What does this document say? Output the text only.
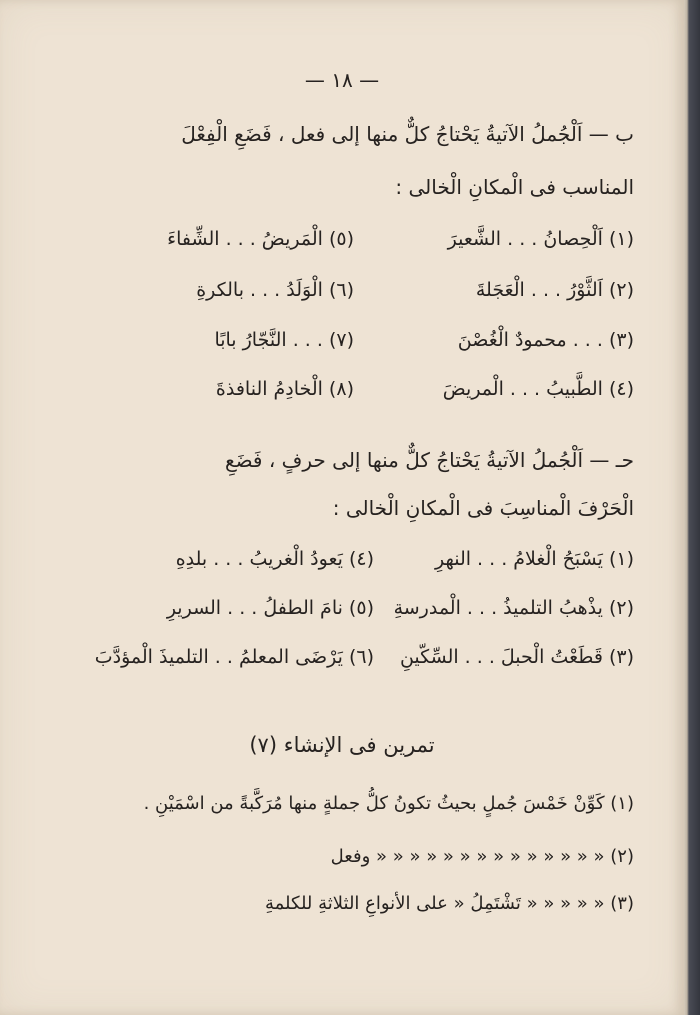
— ١٨ —
ب — اَلْجُملُ الآتيةُ يَحْتاجُ كلٌّ منها إلى فعل ، فَضَعِ الْفِعْلَ
المناسب فى الْمكانِ الْخالى :
(١) اَلْحِصانُ . . . الشَّعيرَ
(٥) الْمَريضُ . . . الشِّفاءَ
(٢) اَلثَّوْرُ . . . الْعَجَلةَ
(٦) الْوَلَدُ . . . بالكرةِ
(٣) . . . محمودٌ الْغُصْنَ
(٧) . . . النَّجّارُ بابًا
(٤) الطَّبيبُ . . . الْمريضَ
(٨) الْخادِمُ النافذةَ
حـ — اَلْجُملُ الآتيةُ يَحْتاجُ كلٌّ منها إلى حرفٍ ، فَضَعِ
الْحَرْفَ الْمناسِبَ فى الْمكانِ الْخالى :
(١) يَسْبَحُ الْغلامُ . . . النهرِ
(٤) يَعودُ الْغريبُ . . . بلدِهِ
(٢) يذْهبُ التلميذُ . . . الْمدرسةِ
(٥) نامَ الطفلُ . . . السريرِ
(٣) قَطَعْتُ الْحبلَ . . . السِّكّينِ
(٦) يَرْضَى المعلمُ . . التلميذَ الْمؤدَّبَ
تمرين فى الإنشاء (٧)
(١) كَوِّنْ خَمْسَ جُملٍ بحيثُ تكونُ كلُّ جملةٍ منها مُرَكَّبةً من اسْمَيْنِ .
(٢) « « « « « « « « « « « « « « وفعل
(٣) « « « « « تَشْتَمِلُ « على الأنواعِ الثلاثةِ للكلمةِ
